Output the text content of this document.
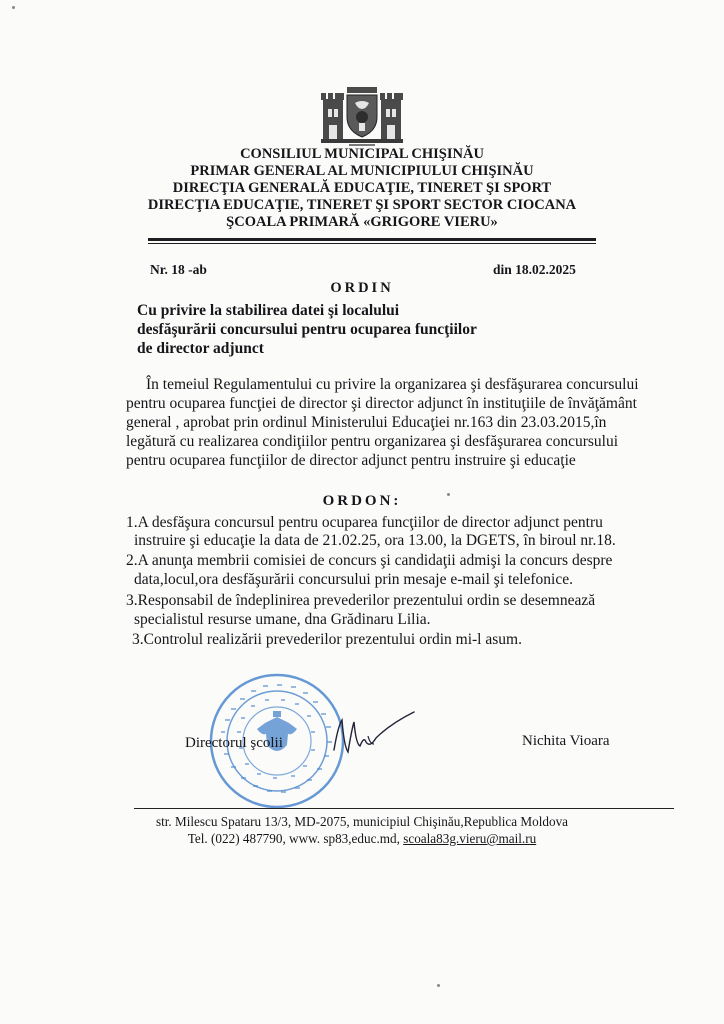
CONSILIUL MUNICIPAL CHIŞINĂU
PRIMAR GENERAL AL MUNICIPIULUI CHIŞINĂU
DIRECŢIA GENERALĂ EDUCAŢIE, TINERET ŞI SPORT
DIRECŢIA EDUCAŢIE, TINERET ŞI SPORT SECTOR CIOCANA
ŞCOALA PRIMARĂ «GRIGORE VIERU»
Nr. 18 -ab	din 18.02.2025
ORDIN
Cu privire la stabilirea datei şi localului
desfăşurării concursului pentru ocuparea funcţiilor
de director adjunct

În temeiul Regulamentului cu privire la organizarea şi desfăşurarea concursului

pentru ocuparea funcţiei de director şi director adjunct în instituţiile de învăţământ

general , aprobat prin ordinul Ministerului Educaţiei nr.163 din 23.03.2015,în

legătură cu realizarea condiţiilor pentru organizarea şi desfăşurarea concursului

pentru ocuparea funcţiilor de director adjunct pentru instruire şi educaţie

ORDON:
1.A desfăşura concursul pentru ocuparea funcţiilor de director adjunct pentru
instruire şi educaţie la data de 21.02.25, ora 13.00, la DGETS, în biroul nr.18.
2.A anunţa membrii comisiei de concurs şi candidaţii admişi la concurs despre
data,locul,ora desfăşurării concursului prin mesaje e-mail şi telefonice.
3.Responsabil de îndeplinirea prevederilor prezentului ordin se desemnează
specialistul resurse umane, dna Grădinaru Lilia.
3.Controlul realizării prevederilor prezentului ordin mi-l asum.
Directorul şcolii	Nichita Vioara
str. Milescu Spataru 13/3, MD-2075, municipiul Chişinău,Republica Moldova
Tel. (022) 487790, www. sp83,educ.md, scoala83g.vieru@mail.ru
